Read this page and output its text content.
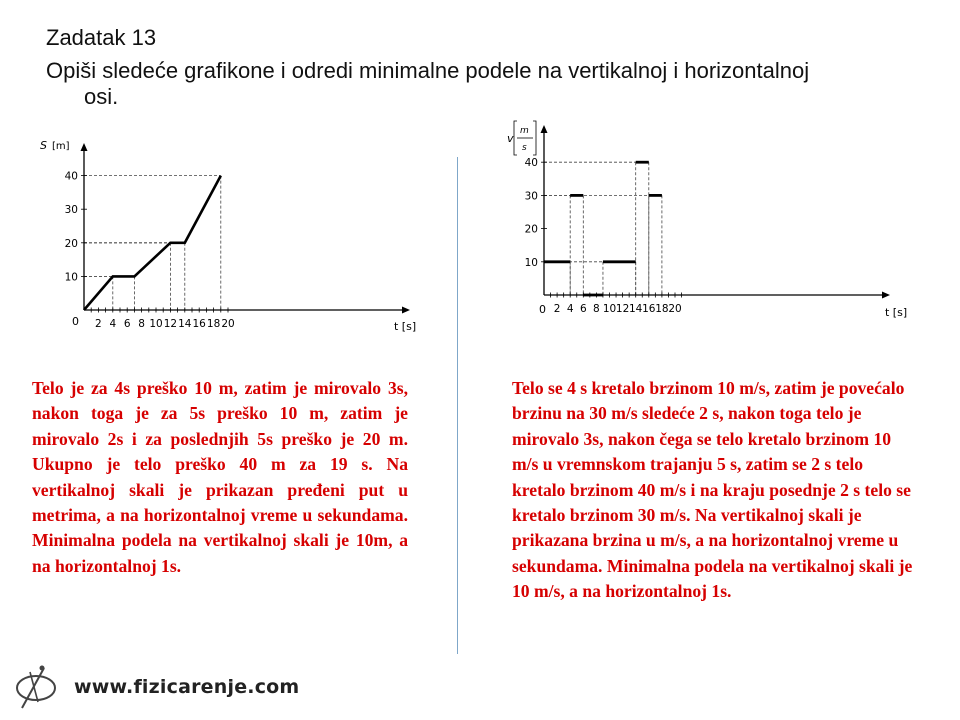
Zadatak 13
Opiši sledeće grafikone i odredi minimalne podele na vertikalnoj i horizontalnoj osi.
2 4 6 8 10 12 14 16 18 20
10
20
30
40
S [m]
0	t [s]
2 4 6 8 10 12 14 16 18 20
10
20
30
40
v
m
s
0	t [s]
Telo je za 4s preško 10 m, zatim je mirovalo 3s, nakon toga je za 5s preško 10 m, zatim je mirovalo 2s i za poslednjih 5s preško je 20 m. Ukupno je telo preško 40 m za 19 s. Na vertikalnoj skali je prikazan pređeni put u metrima, a na horizontalnoj vreme u sekundama. Minimalna podela na vertikalnoj skali je 10m, a na horizontalnoj 1s.
Telo se 4 s kretalo brzinom 10 m/s, zatim je povećalo brzinu na 30 m/s sledeće 2 s, nakon toga telo je mirovalo 3s, nakon čega se telo kretalo brzinom 10 m/s u vremnskom trajanju 5 s, zatim se 2 s telo kretalo brzinom 40 m/s i na kraju posednje 2 s telo se kretalo brzinom 30 m/s. Na vertikalnoj skali je prikazana brzina u m/s, a na horizontalnoj vreme u sekundama. Minimalna podela na vertikalnoj skali je 10 m/s, a na horizontalnoj 1s.
www.fizicarenje.com
